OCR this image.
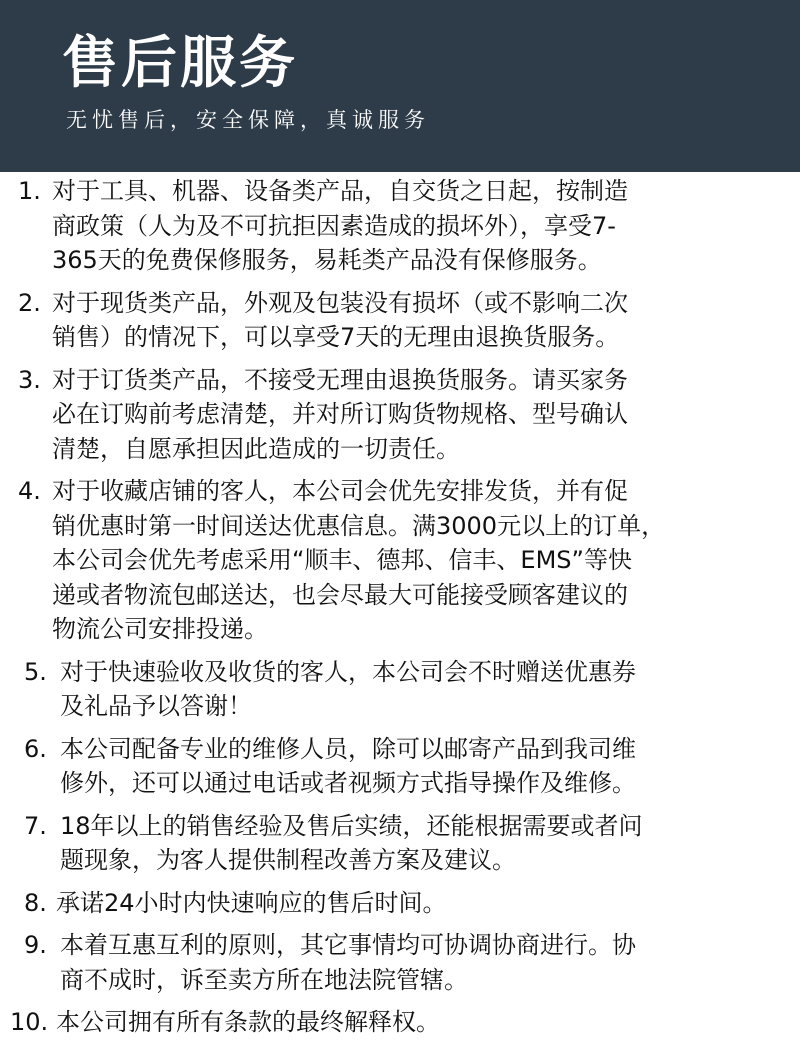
售后服务
无忧售后，安全保障，真诚服务
1. 对于工具、机器、设备类产品，自交货之日起，按制造
商政策（人为及不可抗拒因素造成的损坏外），享受7-
365天的免费保修服务，易耗类产品没有保修服务。
2. 对于现货类产品，外观及包装没有损坏（或不影响二次
销售）的情况下，可以享受7天的无理由退换货服务。
3. 对于订货类产品，不接受无理由退换货服务。请买家务
必在订购前考虑清楚，并对所订购货物规格、型号确认
清楚，自愿承担因此造成的一切责任。
4. 对于收藏店铺的客人，本公司会优先安排发货，并有促
销优惠时第一时间送达优惠信息。满3000元以上的订单，
本公司会优先考虑采用“顺丰、德邦、信丰、EMS”等快
递或者物流包邮送达，也会尽最大可能接受顾客建议的
物流公司安排投递。
5. 对于快速验收及收货的客人，本公司会不时赠送优惠券
及礼品予以答谢！
6. 本公司配备专业的维修人员，除可以邮寄产品到我司维
修外，还可以通过电话或者视频方式指导操作及维修。
7. 18年以上的销售经验及售后实绩，还能根据需要或者问
题现象，为客人提供制程改善方案及建议。
8. 承诺24小时内快速响应的售后时间。
9. 本着互惠互利的原则，其它事情均可协调协商进行。协
商不成时，诉至卖方所在地法院管辖。
10. 本公司拥有所有条款的最终解释权。
